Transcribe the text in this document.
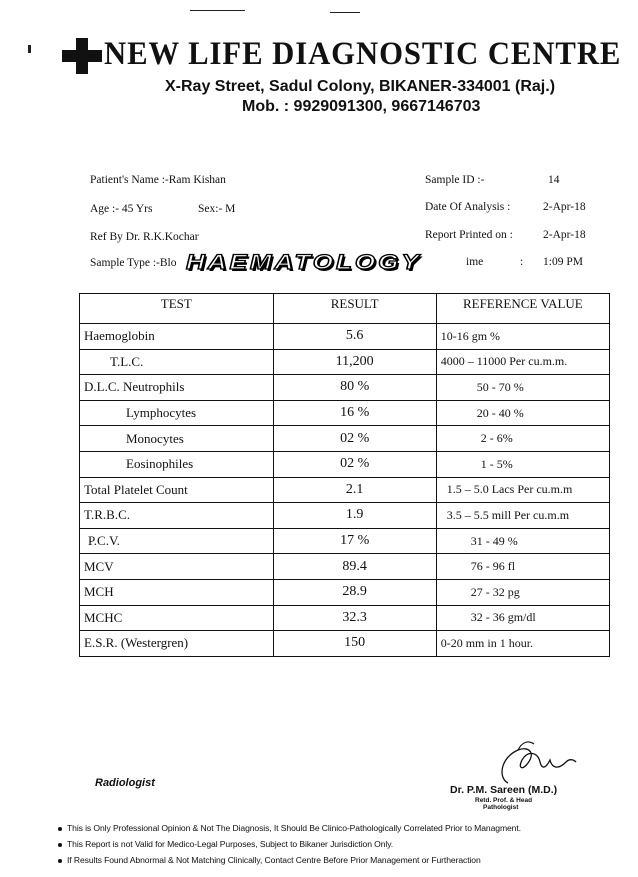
NEW LIFE DIAGNOSTIC CENTRE
X-Ray Street, Sadul Colony, BIKANER-334001 (Raj.)
Mob. : 9929091300, 9667146703
Patient's Name :-Ram Kishan
Age :- 45 Yrs	Sex:- M
Ref By Dr. R.K.Kochar
Sample Type :-Blo
Sample ID :-	14
Date Of Analysis :	2-Apr-18
Report Printed on :	2-Apr-18
ime	: 1:09 PM
HAEMATOLOGY
TEST	RESULT	REFERENCE VALUE
Haemoglobin	5.6	10-16 gm %
T.L.C.	11,200	4000 – 11000 Per cu.m.m.
D.L.C. Neutrophils	80 %	50 - 70 %
Lymphocytes	16 %	20 - 40 %
Monocytes	02 %	2 - 6%
Eosinophiles	02 %	1 - 5%
Total Platelet Count	2.1	1.5 – 5.0 Lacs Per cu.m.m
T.R.B.C.	1.9	3.5 – 5.5 mill Per cu.m.m
P.C.V.	17 %	31 - 49 %
MCV	89.4	76 - 96 fl
MCH	28.9	27 - 32 pg
MCHC	32.3	32 - 36 gm/dl
E.S.R. (Westergren)	150	0-20 mm in 1 hour.
Radiologist
Dr. P.M. Sareen (M.D.)
Retd. Prof. & Head
Pathologist
This is Only Professional Opinion & Not The Diagnosis, It Should Be Clinico-Pathologically Correlated Prior to Managment.
This Report is not Valid for Medico-Legal Purposes, Subject to Bikaner Jurisdiction Only.
If Results Found Abnormal & Not Matching Clinically, Contact Centre Before Prior Management or Furtheraction
